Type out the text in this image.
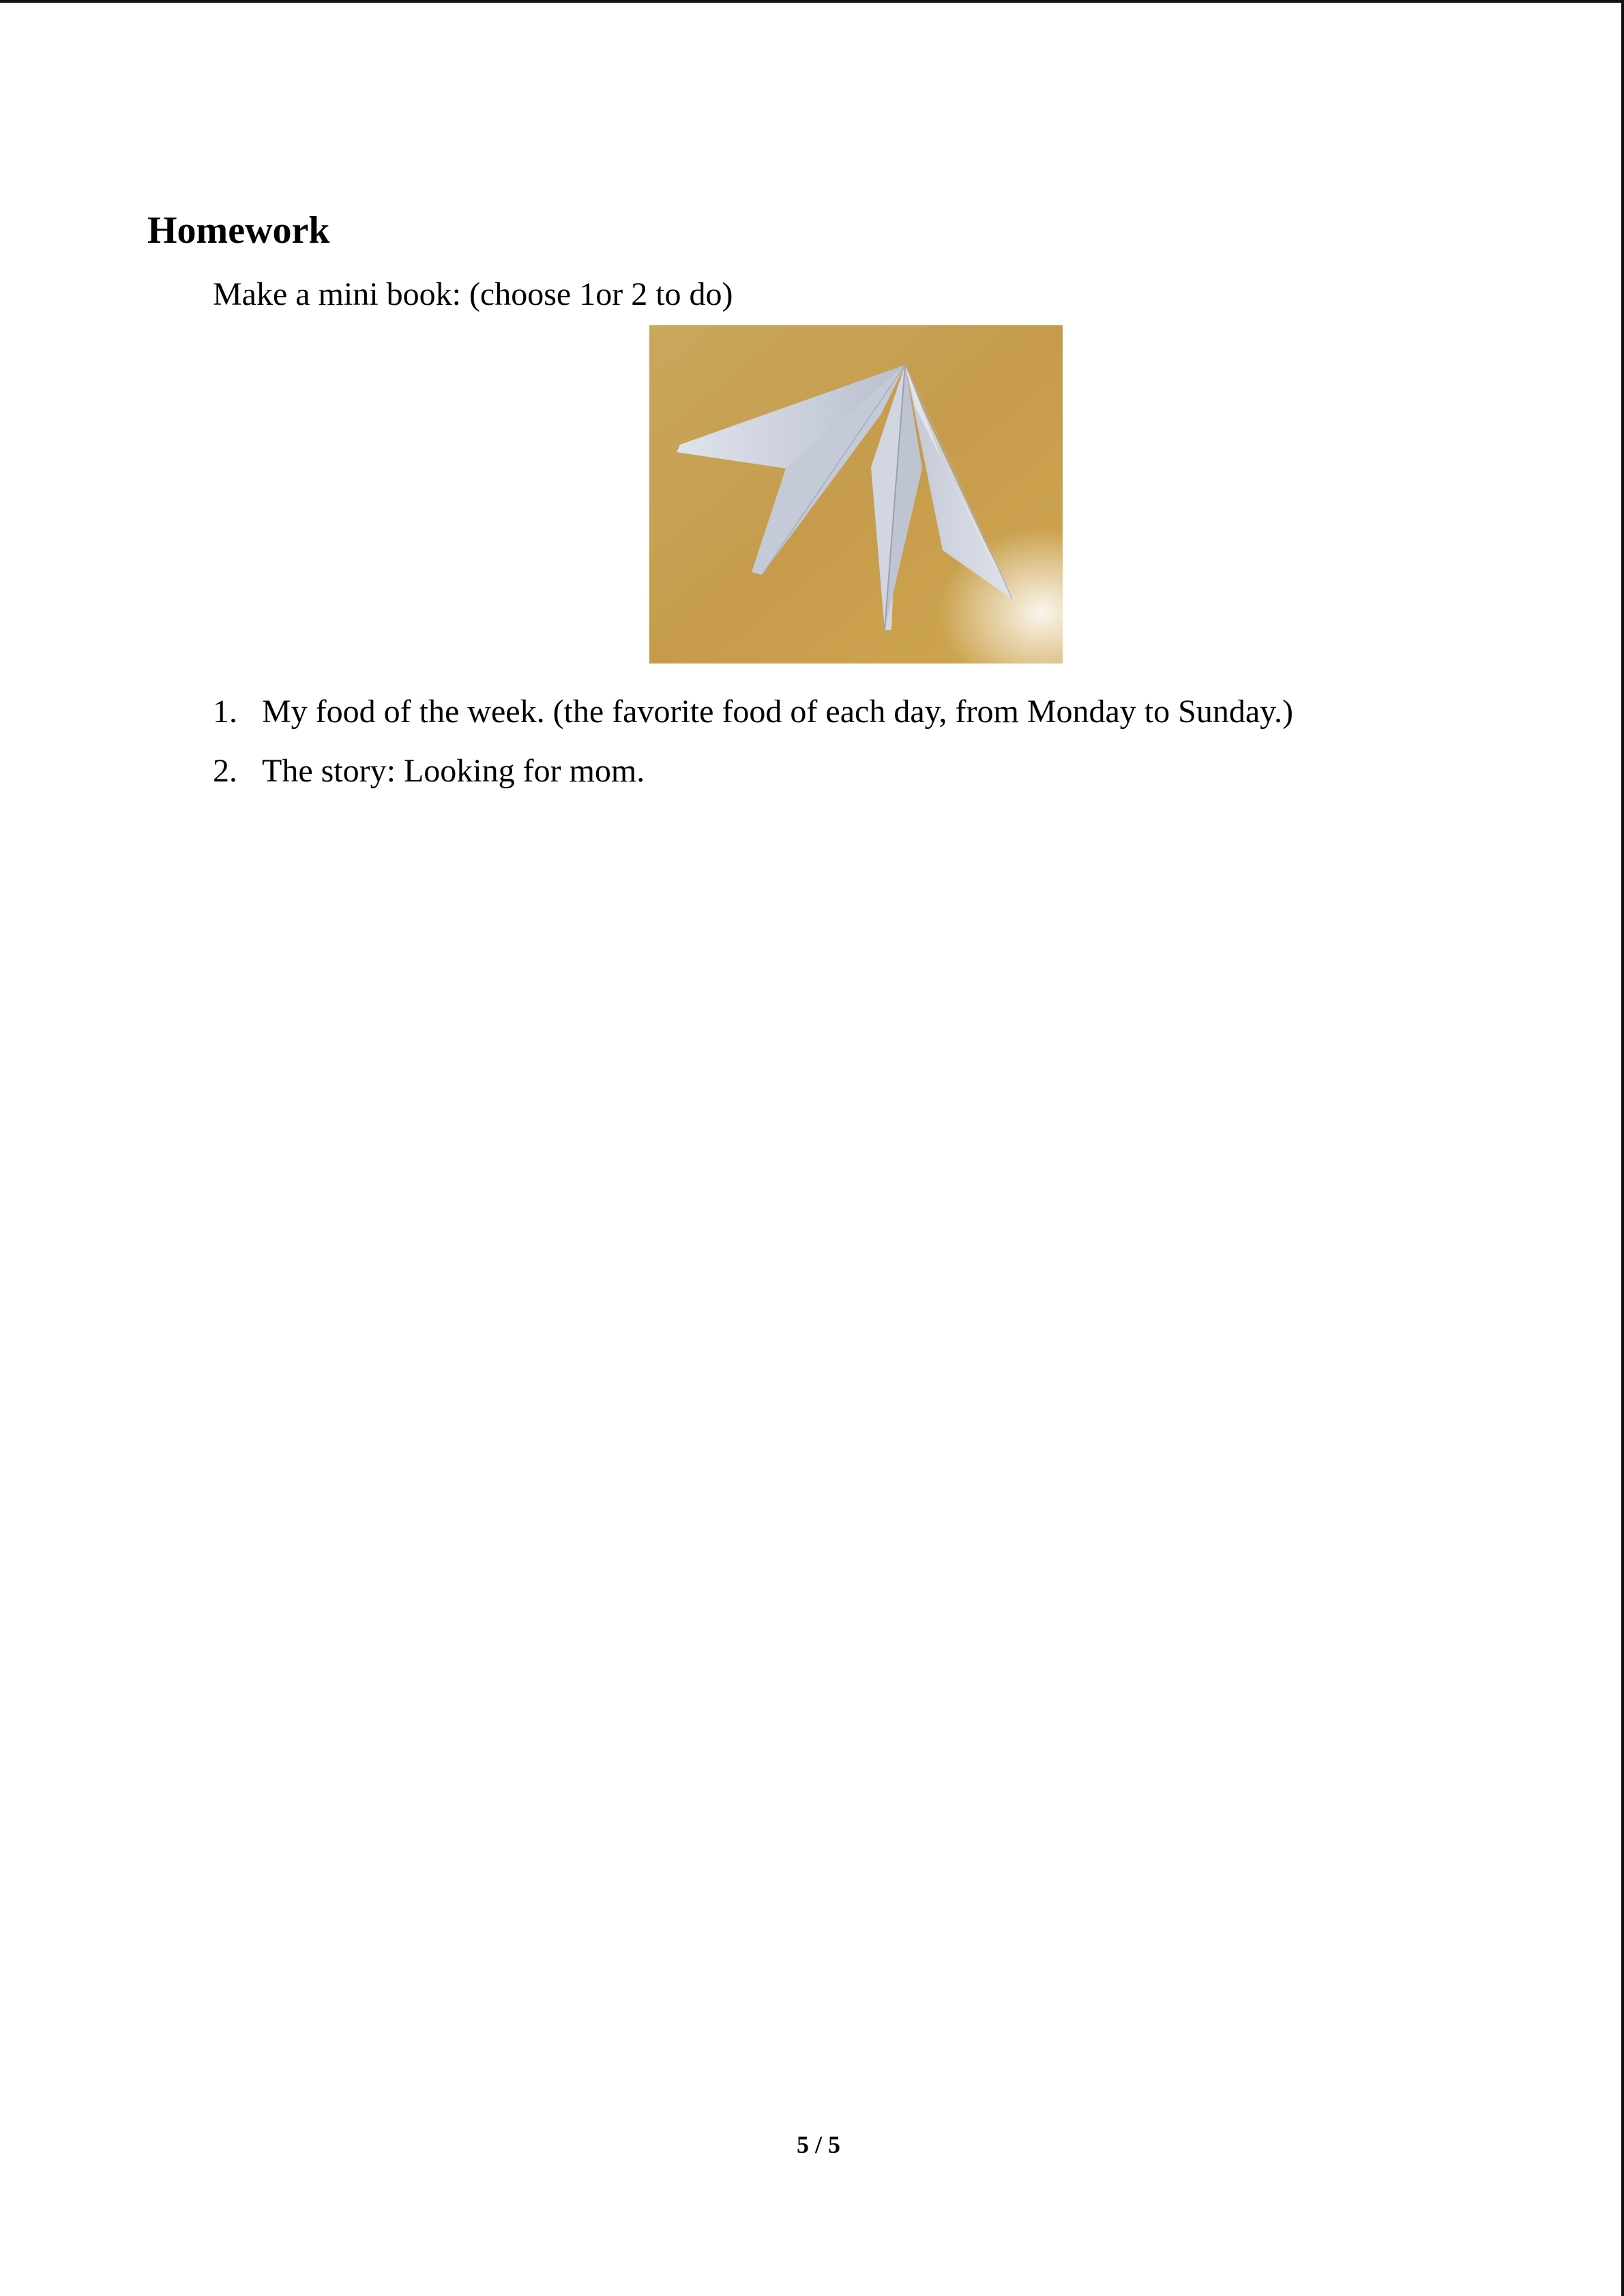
Homework
Make a mini book: (choose 1or 2 to do)
1. My food of the week. (the favorite food of each day, from Monday to Sunday.)
2. The story: Looking for mom.
5 / 5
